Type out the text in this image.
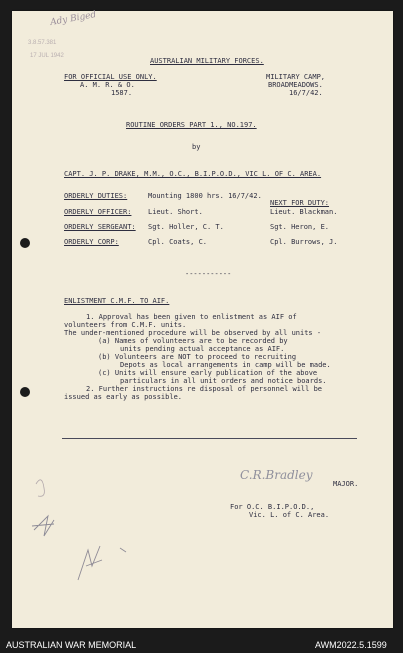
Ady Biged
3.8.57.381
17 JUL 1942
AUSTRALIAN MILITARY FORCES.
FOR OFFICIAL USE ONLY.
A. M. R. & O.
1587.
MILITARY CAMP,
BROADMEADOWS.
16/7/42.
ROUTINE ORDERS PART 1., NO.197.
by
CAPT. J. P. DRAKE, M.M., O.C., B.I.P.O.D., VIC L. OF C. AREA.
ORDERLY DUTIES:	Mounting 1800 hrs. 16/7/42.
NEXT FOR DUTY:
ORDERLY OFFICER: Lieut. Short.	Lieut. Blackman.
ORDERLY SERGEANT: Sgt. Holler, C. T.	Sgt. Heron, E.
ORDERLY CORP:	Cpl. Coats, C.	Cpl. Burrows, J.
-----------
ENLISTMENT C.M.F. TO AIF.
1. Approval has been given to enlistment as AIF of
volunteers from C.M.F. units.
The under-mentioned procedure will be observed by all units -
(a) Names of volunteers are to be recorded by
units pending actual acceptance as AIF.
(b) Volunteers are NOT to proceed to recruiting
Depots as local arrangements in camp will be made.
(c) Units will ensure early publication of the above
particulars in all unit orders and notice boards.
2. Further instructions re disposal of personnel will be
issued as early as possible.
C.R.Bradley
MAJOR.
For O.C. B.I.P.O.D.,
Vic. L. of C. Area.
AUSTRALIAN WAR MEMORIAL	AWM2022.5.1599
